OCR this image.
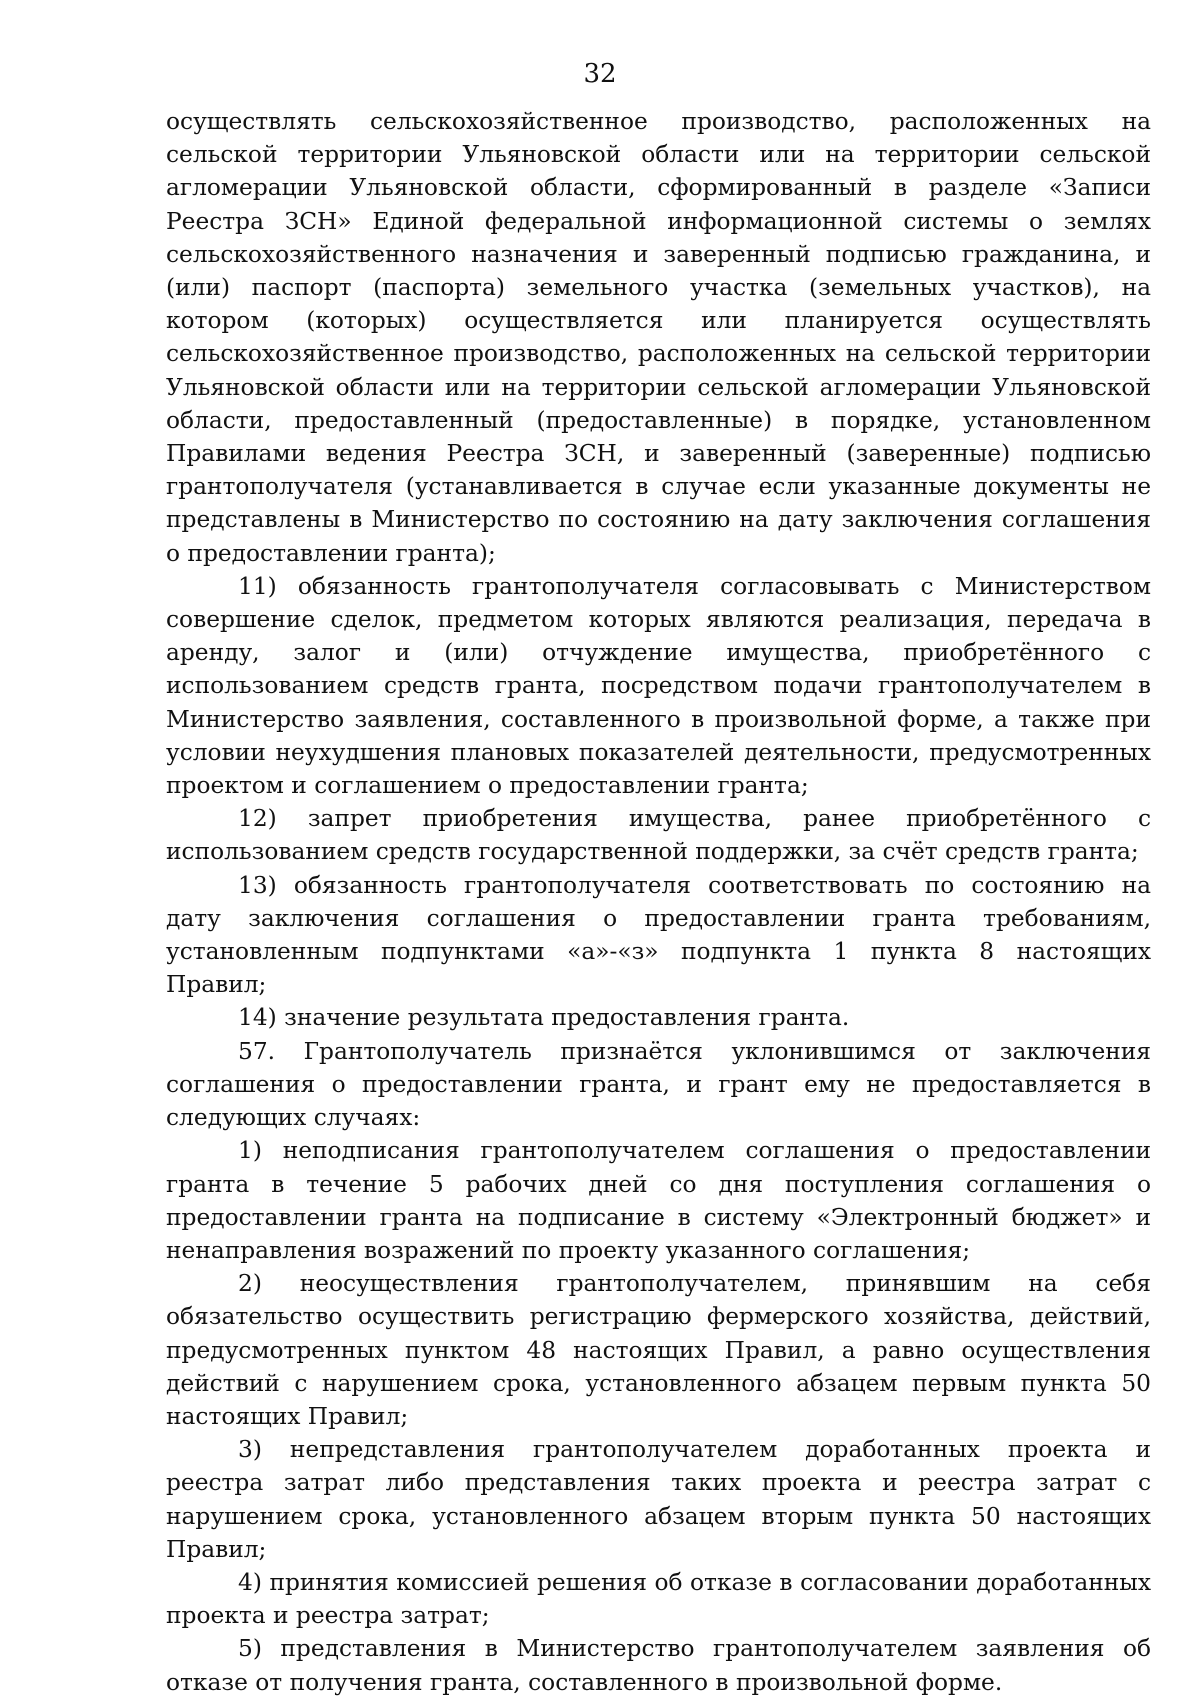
32

осуществлять сельскохозяйственное производство, расположенных на сельской территории Ульяновской области или на территории сельской агломерации Ульяновской области, сформированный в разделе «Записи Реестра ЗСН» Единой федеральной информационной системы о землях сельскохозяйственного назначения и заверенный подписью гражданина, и (или) паспорт (паспорта) земельного участка (земельных участков), на котором (которых) осуществляется или планируется осуществлять сельскохозяйственное производство, расположенных на сельской территории Ульяновской области или на территории сельской агломерации Ульяновской области, предоставленный (предоставленные) в порядке, установленном Правилами ведения Реестра ЗСН, и заверенный (заверенные) подписью грантополучателя (устанавливается в случае если указанные документы не представлены в Министерство по состоянию на дату заключения соглашения о предоставлении гранта);

11) обязанность грантополучателя согласовывать с Министерством совершение сделок, предметом которых являются реализация, передача в аренду, залог и (или) отчуждение имущества, приобретённого с использованием средств гранта, посредством подачи грантополучателем в Министерство заявления, составленного в произвольной форме, а также при условии неухудшения плановых показателей деятельности, предусмотренных проектом и соглашением о предоставлении гранта;

12) запрет приобретения имущества, ранее приобретённого с использованием средств государственной поддержки, за счёт средств гранта;

13) обязанность грантополучателя соответствовать по состоянию на дату заключения соглашения о предоставлении гранта требованиям, установленным подпунктами «а»-«з» подпункта 1 пункта 8 настоящих Правил;

14) значение результата предоставления гранта.

57. Грантополучатель признаётся уклонившимся от заключения соглашения о предоставлении гранта, и грант ему не предоставляется в следующих случаях:

1) неподписания грантополучателем соглашения о предоставлении гранта в течение 5 рабочих дней со дня поступления соглашения о предоставлении гранта на подписание в систему «Электронный бюджет» и ненаправления возражений по проекту указанного соглашения;

2) неосуществления грантополучателем, принявшим на себя обязательство осуществить регистрацию фермерского хозяйства, действий, предусмотренных пунктом 48 настоящих Правил, а равно осуществления действий с нарушением срока, установленного абзацем первым пункта 50 настоящих Правил;

3) непредставления грантополучателем доработанных проекта и реестра затрат либо представления таких проекта и реестра затрат с нарушением срока, установленного абзацем вторым пункта 50 настоящих Правил;

4) принятия комиссией решения об отказе в согласовании доработанных проекта и реестра затрат;

5) представления в Министерство грантополучателем заявления об отказе от получения гранта, составленного в произвольной форме.
